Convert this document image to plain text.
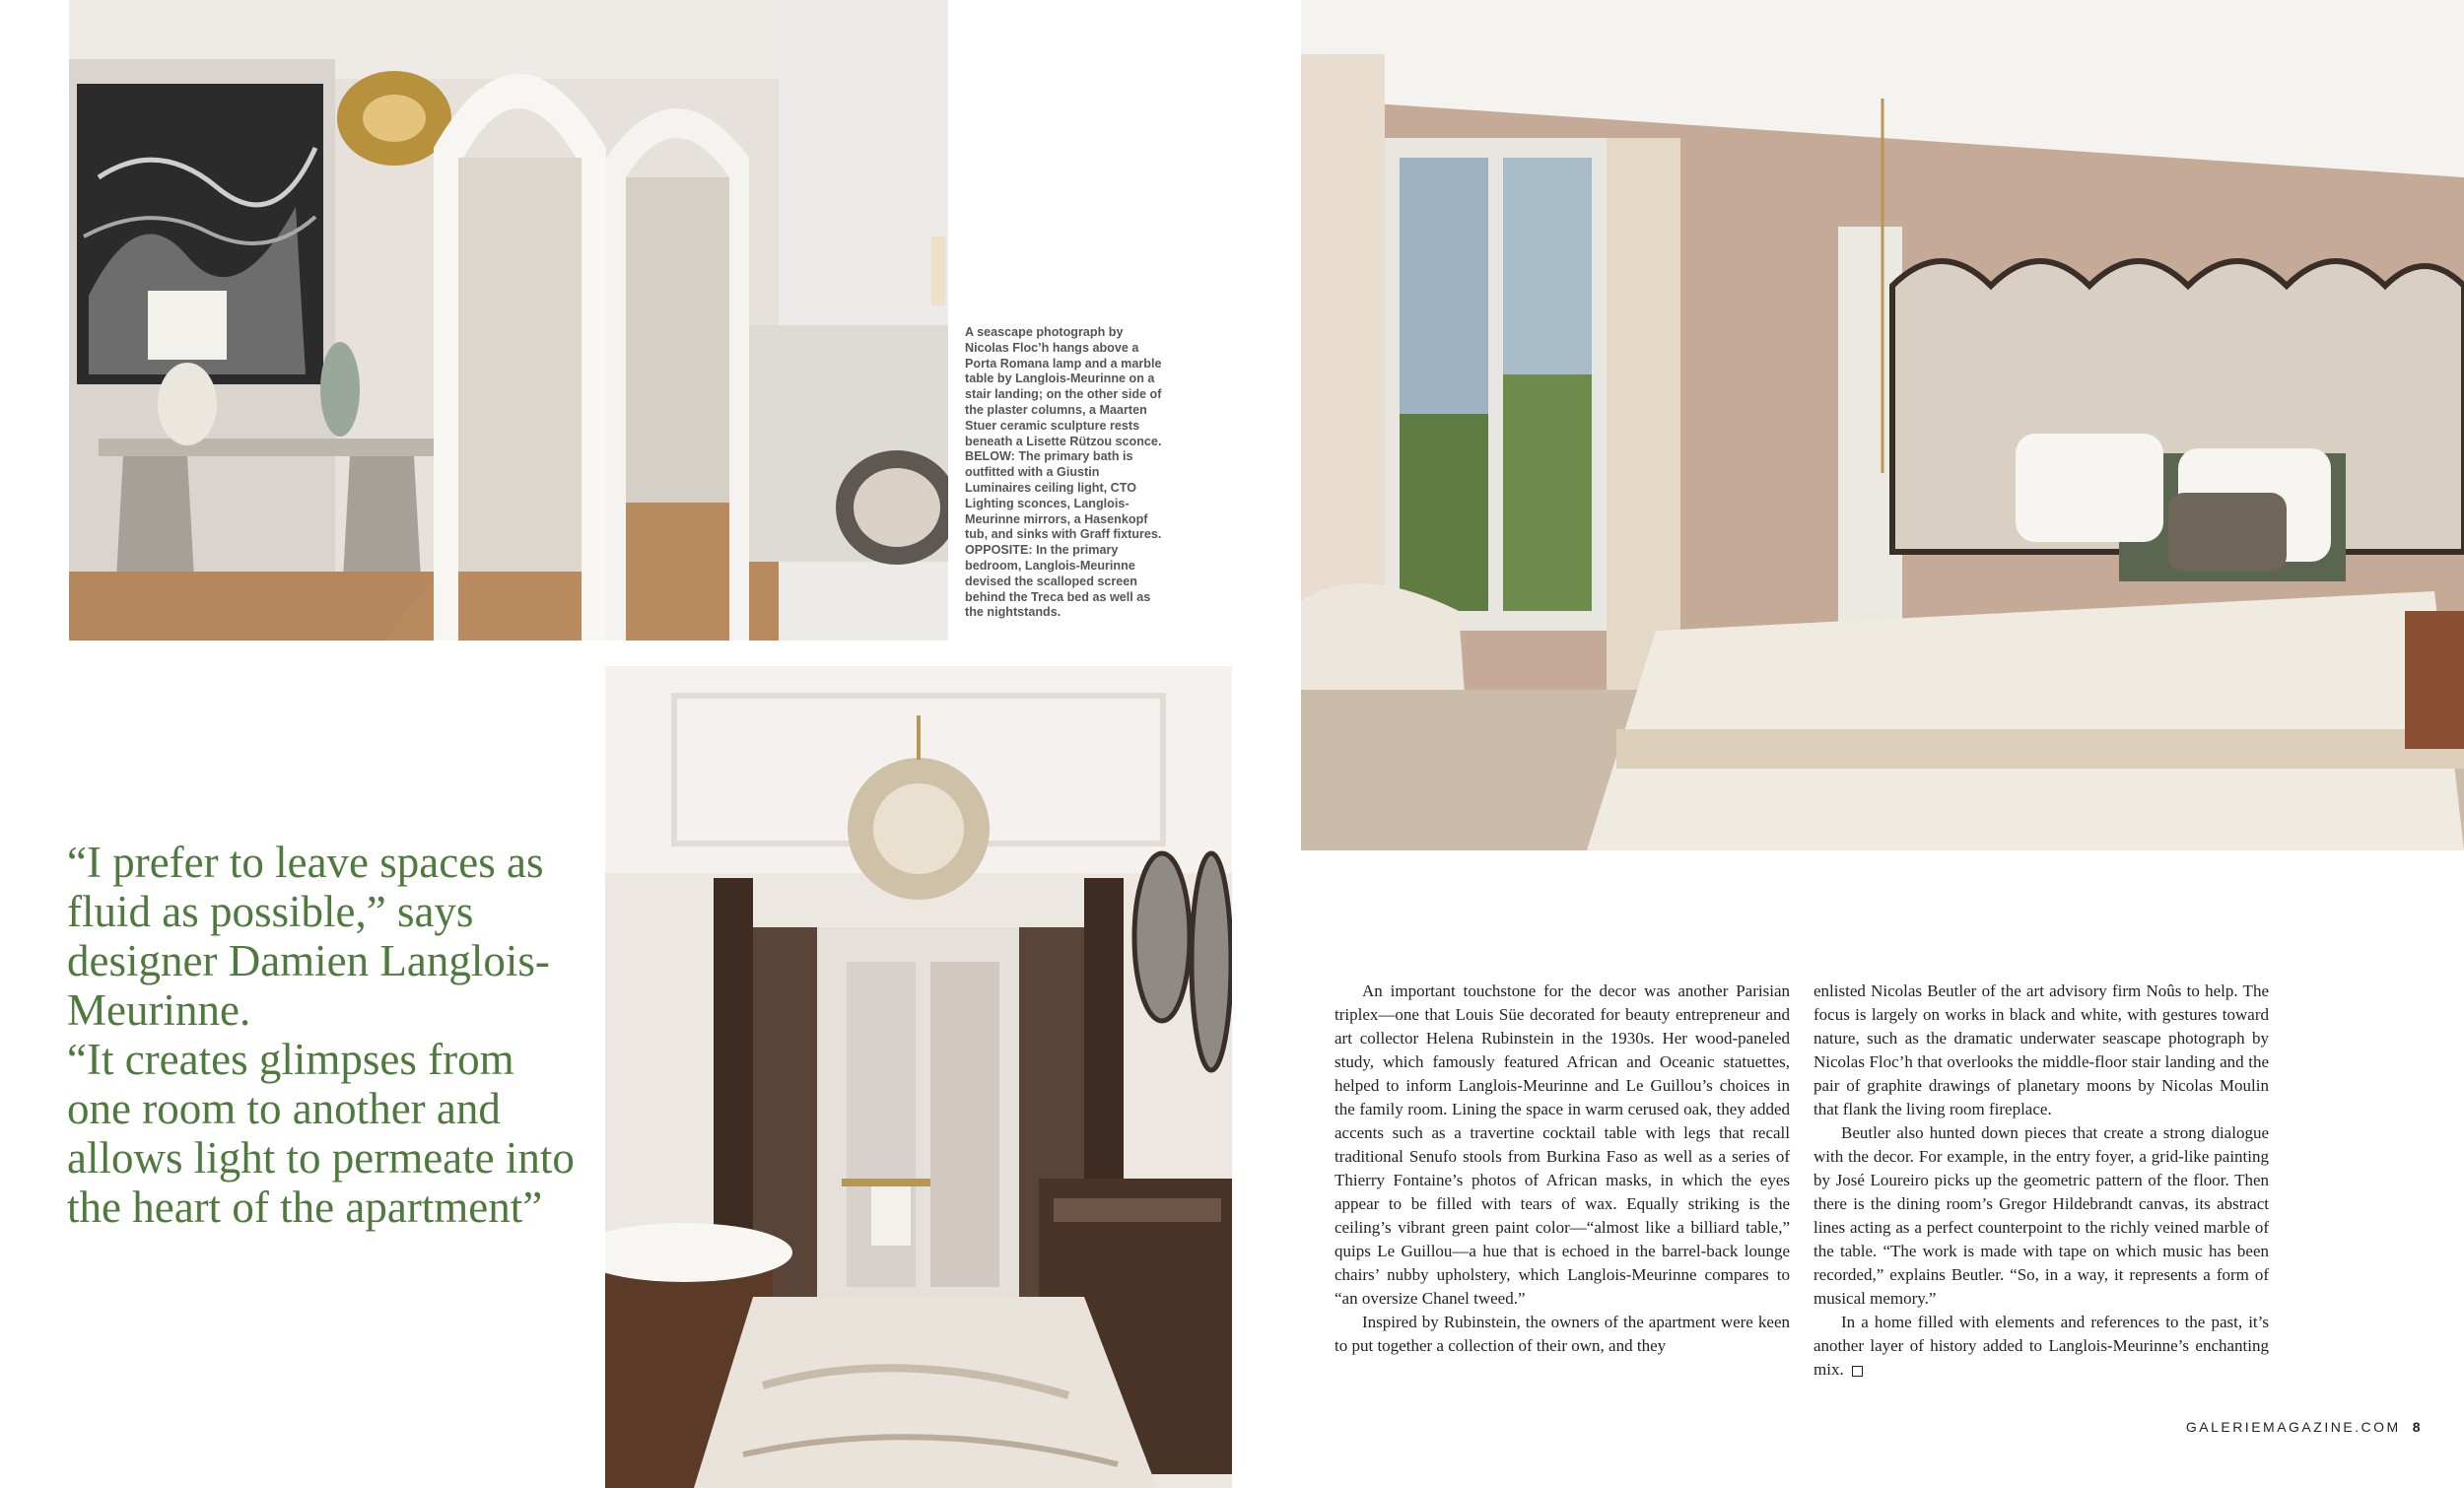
A seascape photograph by Nicolas Floc’h hangs above a Porta Romana lamp and a marble table by Langlois-Meurinne on a stair landing; on the other side of the plaster columns, a Maarten Stuer ceramic sculpture rests beneath a Lisette Rützou sconce. BELOW: The primary bath is outfitted with a Giustin Luminaires ceiling light, CTO Lighting sconces, Langlois-Meurinne mirrors, a Hasenkopf tub, and sinks with Graff fixtures. OPPOSITE: In the primary bedroom, Langlois-Meurinne devised the scalloped screen behind the Treca bed as well as the nightstands.

“I prefer to leave spaces as fluid as possible,” says designer Damien Langlois-Meurinne.

“It creates glimpses from one room to another and allows light to permeate into the heart of the apartment”

An important touchstone for the decor was another Parisian triplex—one that Louis Süe decorated for beauty entrepreneur and art collector Helena Rubinstein in the 1930s. Her wood-paneled study, which famously featured African and Oceanic statuettes, helped to inform Langlois-Meurinne and Le Guillou’s choices in the family room. Lining the space in warm cerused oak, they added accents such as a travertine cocktail table with legs that recall traditional Senufo stools from Burkina Faso as well as a series of Thierry Fontaine’s photos of African masks, in which the eyes appear to be filled with tears of wax. Equally striking is the ceiling’s vibrant green paint color—“almost like a billiard table,” quips Le Guillou—a hue that is echoed in the barrel-back lounge chairs’ nubby upholstery, which Langlois-Meurinne compares to “an oversize Chanel tweed.”

Inspired by Rubinstein, the owners of the apartment were keen to put together a collection of their own, and they

enlisted Nicolas Beutler of the art advisory firm Noûs to help. The focus is largely on works in black and white, with gestures toward nature, such as the dramatic underwater seascape photograph by Nicolas Floc’h that overlooks the middle-floor stair landing and the pair of graphite drawings of planetary moons by Nicolas Moulin that flank the living room fireplace.

Beutler also hunted down pieces that create a strong dialogue with the decor. For example, in the entry foyer, a grid-like painting by José Loureiro picks up the geometric pattern of the floor. Then there is the dining room’s Gregor Hildebrandt canvas, its abstract lines acting as a perfect counterpoint to the richly veined marble of the table. “The work is made with tape on which music has been recorded,” explains Beutler. “So, in a way, it represents a form of musical memory.”

In a home filled with elements and references to the past, it’s another layer of history added to Langlois-Meurinne’s enchanting mix.

GALERIEMAGAZINE.COM 8
